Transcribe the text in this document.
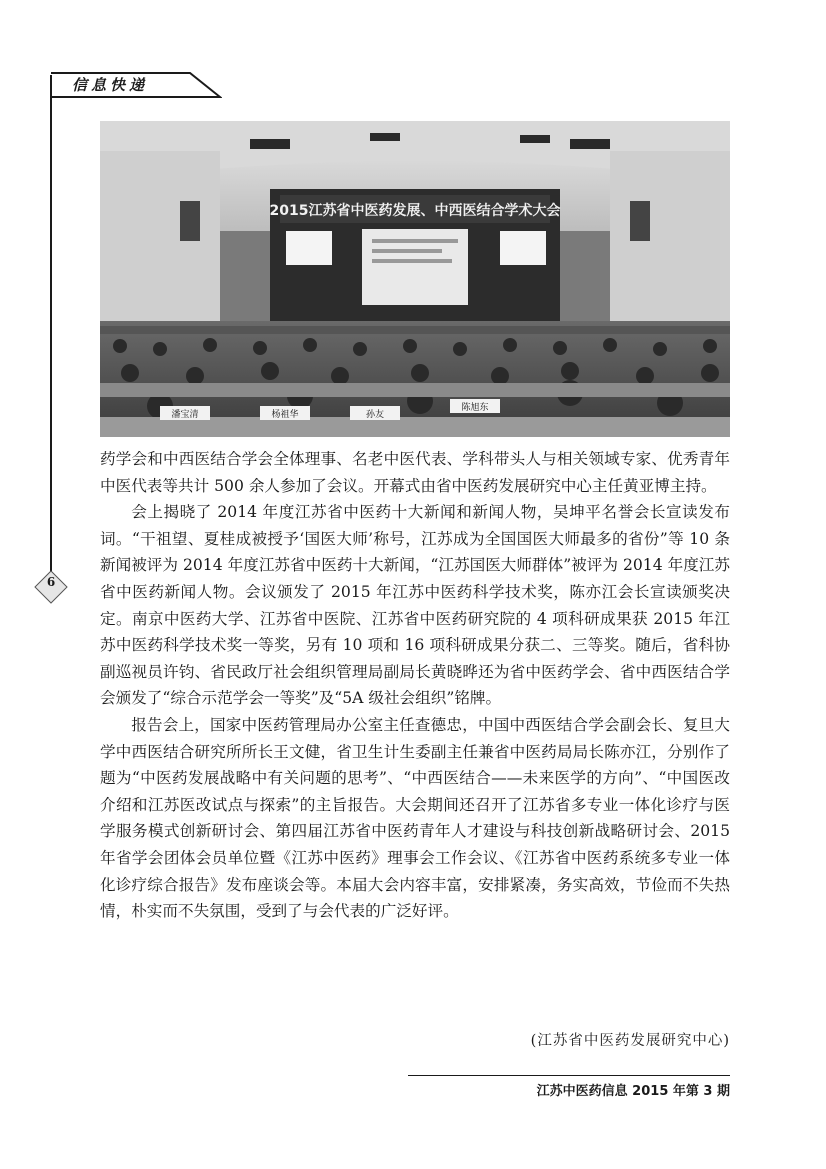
信息快递
6
2015江苏省中医药发展、中西医结合学术大会
潘宝清	杨祖华	孙友
陈旭东

药学会和中西医结合学会全体理事、名老中医代表、学科带头人与相关领域专家、优秀青年中医代表等共计 500 余人参加了会议。开幕式由省中医药发展研究中心主任黄亚博主持。

会上揭晓了 2014 年度江苏省中医药十大新闻和新闻人物，吴坤平名誉会长宣读发布词。“干祖望、夏桂成被授予‘国医大师’称号，江苏成为全国国医大师最多的省份”等 10 条新闻被评为 2014 年度江苏省中医药十大新闻，“江苏国医大师群体”被评为 2014 年度江苏省中医药新闻人物。会议颁发了 2015 年江苏中医药科学技术奖，陈亦江会长宣读颁奖决定。南京中医药大学、江苏省中医院、江苏省中医药研究院的 4 项科研成果获 2015 年江苏中医药科学技术奖一等奖，另有 10 项和 16 项科研成果分获二、三等奖。随后，省科协副巡视员许钧、省民政厅社会组织管理局副局长黄晓晔还为省中医药学会、省中西医结合学会颁发了“综合示范学会一等奖”及“5A 级社会组织”铭牌。

报告会上，国家中医药管理局办公室主任查德忠，中国中西医结合学会副会长、复旦大学中西医结合研究所所长王文健，省卫生计生委副主任兼省中医药局局长陈亦江，分别作了题为“中医药发展战略中有关问题的思考”、“中西医结合——未来医学的方向”、“中国医改介绍和江苏医改试点与探索”的主旨报告。大会期间还召开了江苏省多专业一体化诊疗与医学服务模式创新研讨会、第四届江苏省中医药青年人才建设与科技创新战略研讨会、2015 年省学会团体会员单位暨《江苏中医药》理事会工作会议、《江苏省中医药系统多专业一体化诊疗综合报告》发布座谈会等。本届大会内容丰富，安排紧凑，务实高效，节俭而不失热情，朴实而不失氛围，受到了与会代表的广泛好评。

(江苏省中医药发展研究中心)
江苏中医药信息 2015 年第 3 期
